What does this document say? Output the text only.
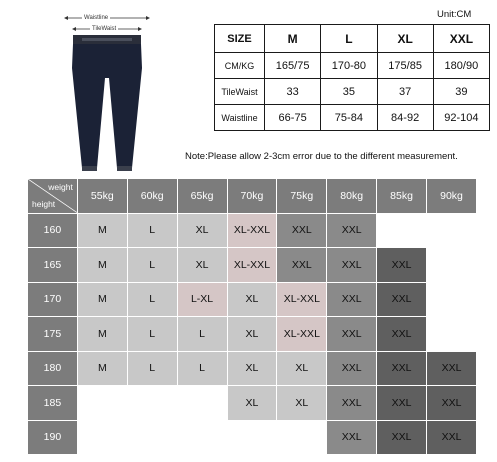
Waistline
TileWaist
Unit:CM
SIZE	M	L	XL	XXL
CM/KG	165/75	170-80	175/85	180/90
TileWaist	33	35	37	39
Waistline	66-75	75-84	84-92	92-104
Note:Please allow 2-3cm error due to the different measurement.
weight
height	55kg	60kg	65kg	70kg	75kg	80kg	85kg	90kg
160	M	L	XL	XL-XXL	XXL	XXL		
165	M	L	XL	XL-XXL	XXL	XXL	XXL	
170	M	L	L-XL	XL	XL-XXL	XXL	XXL	
175	M	L	L	XL	XL-XXL	XXL	XXL	
180	M	L	L	XL	XL	XXL	XXL	XXL
185				XL	XL	XXL	XXL	XXL
190						XXL	XXL	XXL
